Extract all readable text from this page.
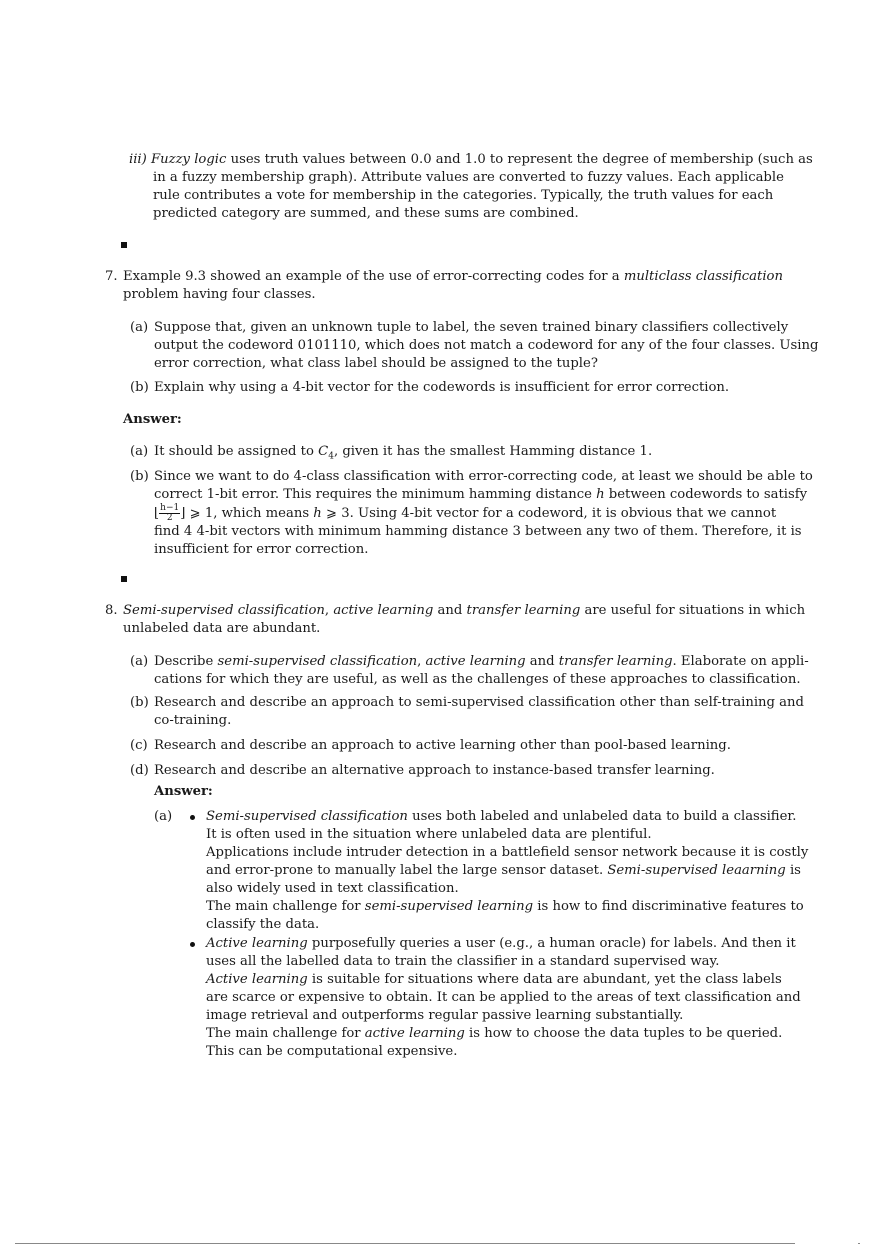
iii) Fuzzy logic uses truth values between 0.0 and 1.0 to represent the degree of membership (such as
in a fuzzy membership graph). Attribute values are converted to fuzzy values. Each applicable
rule contributes a vote for membership in the categories. Typically, the truth values for each
predicted category are summed, and these sums are combined.
7. Example 9.3 showed an example of the use of error-correcting codes for a multiclass classification
problem having four classes.
(a) Suppose that, given an unknown tuple to label, the seven trained binary classifiers collectively
output the codeword 0101110, which does not match a codeword for any of the four classes. Using
error correction, what class label should be assigned to the tuple?
(b) Explain why using a 4-bit vector for the codewords is insufficient for error correction.
Answer:
(a) It should be assigned to $C_4$, given it has the smallest Hamming distance 1.
(b) Since we want to do 4-class classification with error-correcting code, at least we should be able to
correct 1-bit error. This requires the minimum hamming distance h between codewords to satisfy
⌊ $\frac{h-1}{2}$ ⌋ ⩾ 1, which means h ⩾ 3. Using 4-bit vector for a codeword, it is obvious that we cannot
find 4 4-bit vectors with minimum hamming distance 3 between any two of them. Therefore, it is
insufficient for error correction.
8. Semi-supervised classification, active learning and transfer learning are useful for situations in which
unlabeled data are abundant.
(a) Describe semi-supervised classification, active learning and transfer learning. Elaborate on appli-
cations for which they are useful, as well as the challenges of these approaches to classification.
(b) Research and describe an approach to semi-supervised classification other than self-training and
co-training.
(c) Research and describe an approach to active learning other than pool-based learning.
(d) Research and describe an alternative approach to instance-based transfer learning.
Answer:
(a)	Semi-supervised classification uses both labeled and unlabeled data to build a classifier.
It is often used in the situation where unlabeled data are plentiful.
Applications include intruder detection in a battlefield sensor network because it is costly
and error-prone to manually label the large sensor dataset. Semi-supervised leaarning is
also widely used in text classification.
The main challenge for semi-supervised learning is how to find discriminative features to
classify the data.
Active learning purposefully queries a user (e.g., a human oracle) for labels. And then it
uses all the labelled data to train the classifier in a standard supervised way.
Active learning is suitable for situations where data are abundant, yet the class labels
are scarce or expensive to obtain. It can be applied to the areas of text classification and
image retrieval and outperforms regular passive learning substantially.
The main challenge for active learning is how to choose the data tuples to be queried.
This can be computational expensive.
